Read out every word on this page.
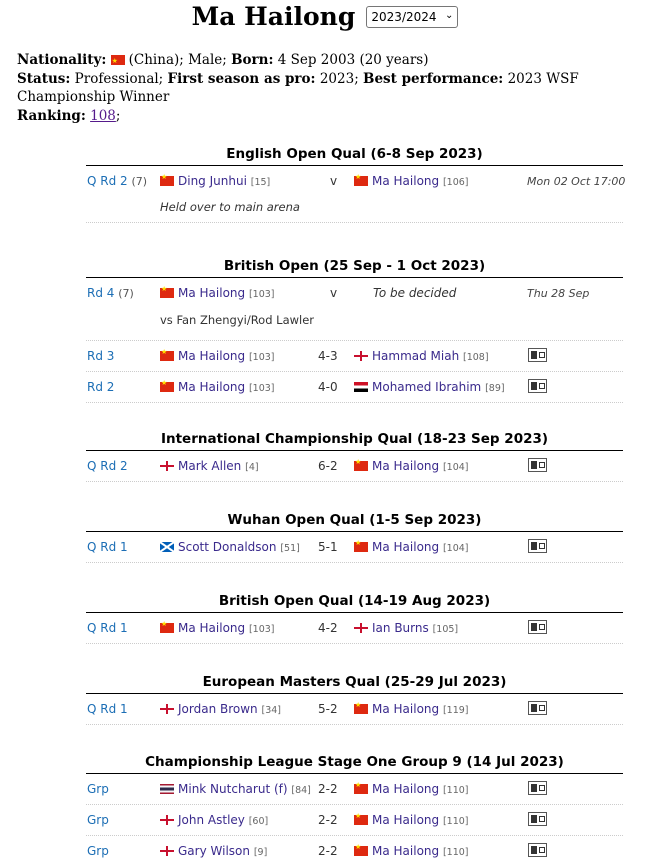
Ma Hailong 2023/2024 ⌄
Nationality: ★ (China); Male; Born: 4 Sep 2003 (20 years)
Status: Professional; First season as pro: 2023; Best performance: 2023 WSF Championship Winner
Ranking: 108;
English Open Qual (6-8 Sep 2023)
Q Rd 2 (7) ★	Ding Junhui [15]	v ★	Ma Hailong [106]	Mon 02 Oct 17:00
Held over to main arena
British Open (25 Sep - 1 Oct 2023)
Rd 4 (7) ★	Ma Hailong [103]	v	To be decided	Thu 28 Sep
vs Fan Zhengyi/Rod Lawler
Rd 3 ★	Ma Hailong [103]	4-3	Hammad Miah [108]
Rd 2 ★	Ma Hailong [103]	4-0	Mohamed Ibrahim [89]
International Championship Qual (18-23 Sep 2023)
Q Rd 2	Mark Allen [4]	6-2 ★	Ma Hailong [104]
Wuhan Open Qual (1-5 Sep 2023)
Q Rd 1	Scott Donaldson [51] 5-1 ★	Ma Hailong [104]
British Open Qual (14-19 Aug 2023)
Q Rd 1 ★	Ma Hailong [103]	4-2	Ian Burns [105]
European Masters Qual (25-29 Jul 2023)
Q Rd 1	Jordan Brown [34]	5-2 ★	Ma Hailong [119]
Championship League Stage One Group 9 (14 Jul 2023)
Grp	Mink Nutcharut (f) [84] 2-2 ★	Ma Hailong [110]
Grp	John Astley [60]	2-2 ★	Ma Hailong [110]
Grp	Gary Wilson [9]	2-2 ★	Ma Hailong [110]
